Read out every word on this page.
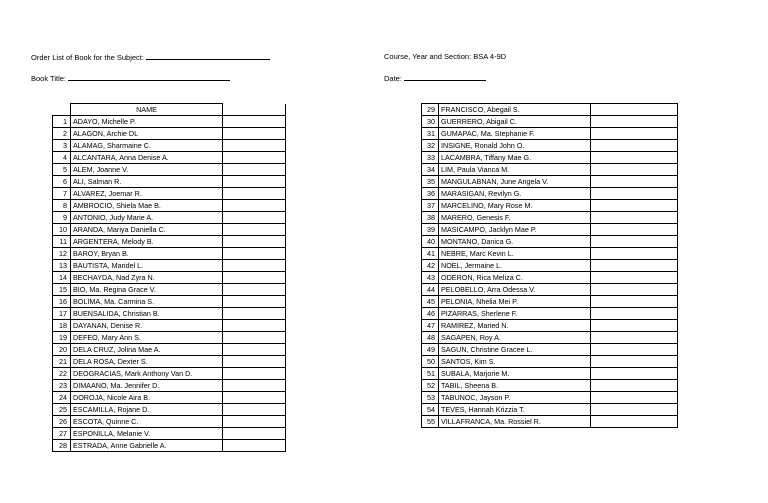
Order List of Book for the Subject:
Book Title:
Course, Year and Section: BSA 4-9D
Date:
	NAME	
1	ADAYO, Michelle P.	
2	ALAGON, Archie DL	
3	ALAMAG, Sharmaine C.	
4	ALCANTARA, Anna Denise A.	
5	ALEM, Joanne V.	
6	ALI, Salman R.	
7	ALVAREZ, Joemar R.	
8	AMBROCIO, Shiela Mae B.	
9	ANTONIO, Judy Marie A.	
10	ARANDA, Mariya Daniella C.	
11	ARGENTERA, Melody B.	
12	BAROY, Bryan B.	
13	BAUTISTA, Maridel L.	
14	BECHAYDA, Nad Zyra N.	
15	BIO, Ma. Regina Grace V.	
16	BOLIMA, Ma. Carmina S.	
17	BUENSALIDA, Christian B.	
18	DAYANAN, Denise R.	
19	DEFEO, Mary Ann S.	
20	DELA CRUZ, Jolina Mae A.	
21	DELA ROSA, Dexter S.	
22	DEOGRACIAS, Mark Anthony Van D.	
23	DIMAANO, Ma. Jennifer D.	
24	DOROJA, Nicole Aira B.	
25	ESCAMILLA, Rojane D.	
26	ESCOTA, Quinne C.	
27	ESPONILLA, Melanie V.	
28	ESTRADA, Anne Gabrielle A.	
29	FRANCISCO, Abegail S.	
30	GUERRERO, Abigail C.	
31	GUMAPAC, Ma. Stephanie F.	
32	INSIGNE, Ronald John O.	
33	LACAMBRA, Tiffany Mae G.	
34	LIM, Paula Vianca M.	
35	MANGULABNAN, June Angela V.	
36	MARASIGAN, Revilyn G.	
37	MARCELINO, Mary Rose M.	
38	MARERO, Genesis F.	
39	MASICAMPO, Jacklyn Mae P.	
40	MONTANO, Danica G.	
41	NEBRE, Marc Kevin L.	
42	NOEL, Jermaine L.	
43	ODERON, Rica Meliza C.	
44	PELOBELLO, Arra Odessa V.	
45	PELONIA, Nhelia Mei P.	
46	PIZARRAS, Sherlene F.	
47	RAMIREZ, Maried N.	
48	SAGAPEN, Roy A.	
49	SAGUN, Christine Gracee L.	
50	SANTOS, Kim S.	
51	SUBALA, Marjorie M.	
52	TABIL, Sheena B.	
53	TABUNOC, Jayson P.	
54	TEVES, Hannah Krizzia T.	
55	VILLAFRANCA, Ma. Rossiel R.	
